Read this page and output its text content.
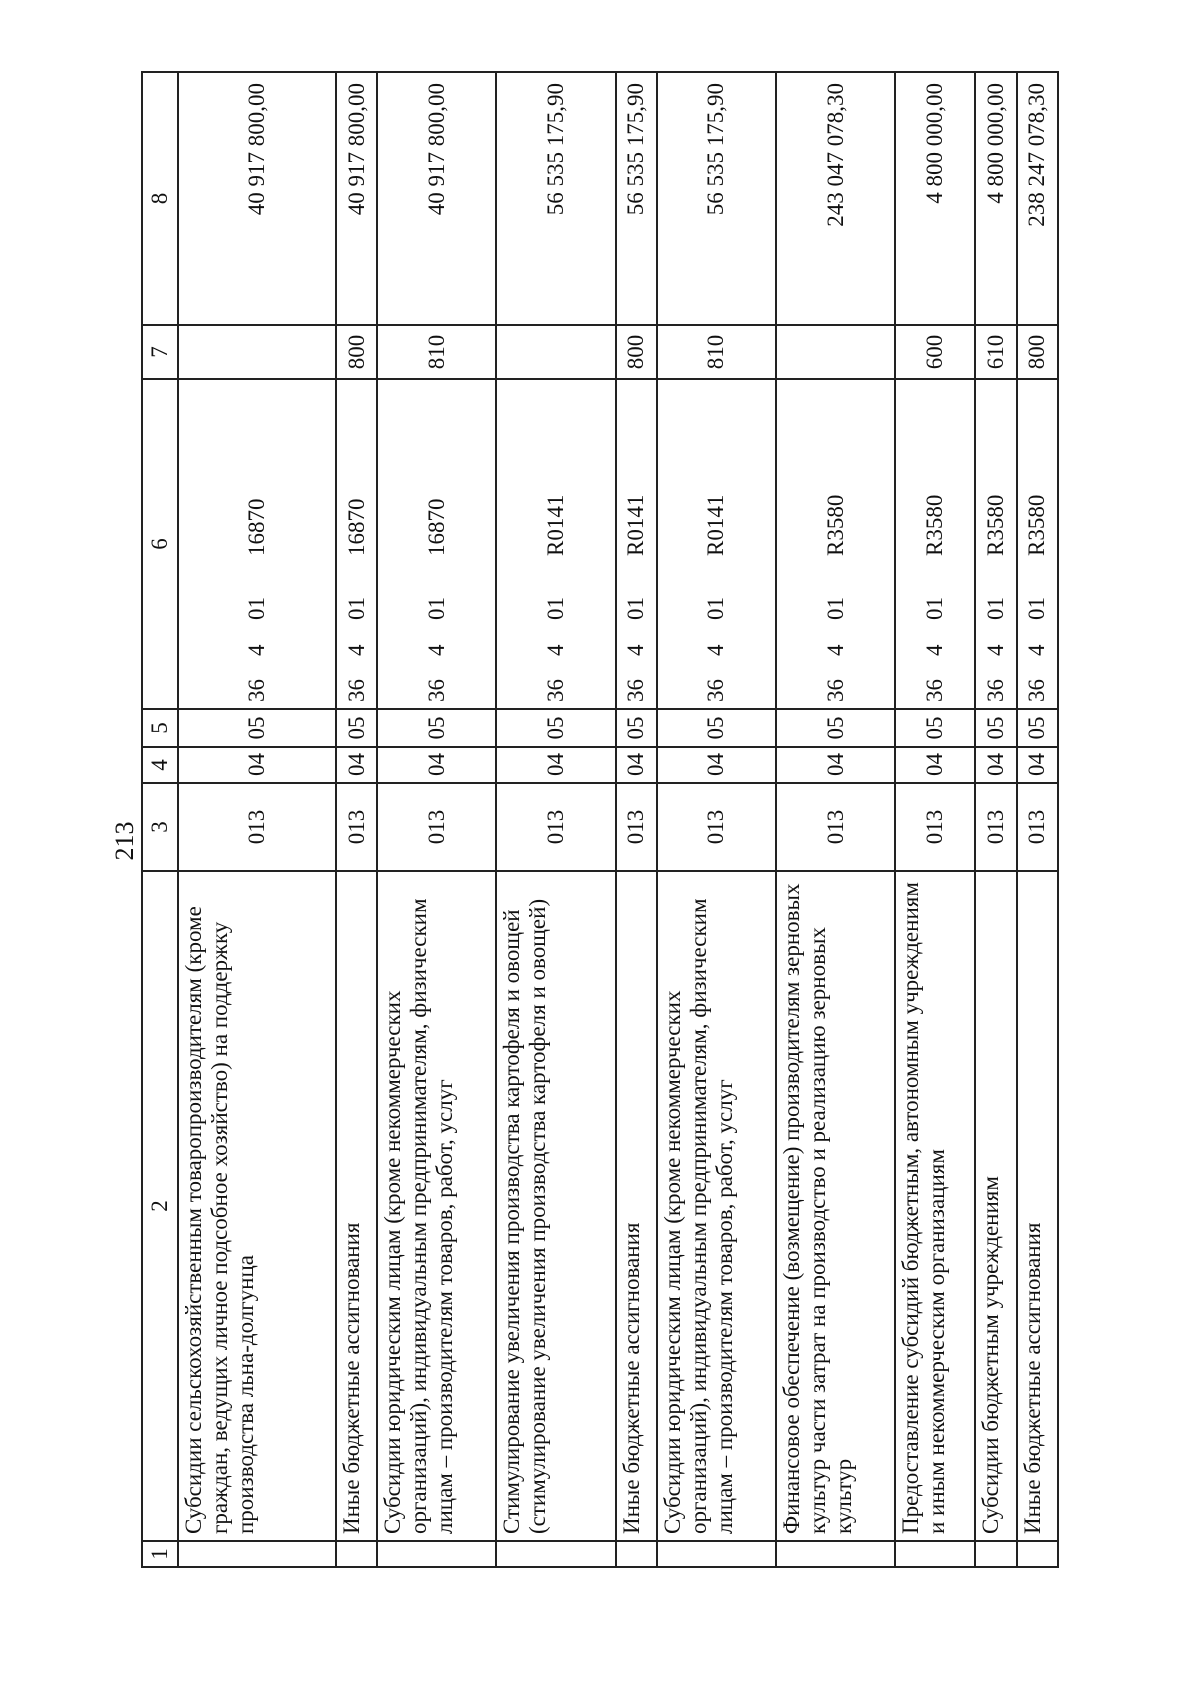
213
1	2	3	4	5	6	7	8
	Субсидии сельскохозяйственным товаропроизводителям (кроме граждан, ведущих личное подсобное хозяйство) на поддержку производства льна-долгунца	013	04	05	3640116870		40 917 800,00
	Иные бюджетные ассигнования	013	04	05	3640116870	800	40 917 800,00
	Субсидии юридическим лицам (кроме некоммерческих организаций), индивидуальным предпринимателям, физическим лицам – производителям товаров, работ, услуг	013	04	05	3640116870	810	40 917 800,00
	Стимулирование увеличения производства картофеля и овощей (стимулирование увеличения производства картофеля и овощей)	013	04	05	36401R0141		56 535 175,90
	Иные бюджетные ассигнования	013	04	05	36401R0141	800	56 535 175,90
	Субсидии юридическим лицам (кроме некоммерческих организаций), индивидуальным предпринимателям, физическим лицам – производителям товаров, работ, услуг	013	04	05	36401R0141	810	56 535 175,90
	Финансовое обеспечение (возмещение) производителям зерновых культур части затрат на производство и реализацию зерновых культур	013	04	05	36401R3580		243 047 078,30
	Предоставление субсидий бюджетным, автономным учреждениям и иным некоммерческим организациям	013	04	05	36401R3580	600	4 800 000,00
	Субсидии бюджетным учреждениям	013	04	05	36401R3580	610	4 800 000,00
	Иные бюджетные ассигнования	013	04	05	36401R3580	800	238 247 078,30
